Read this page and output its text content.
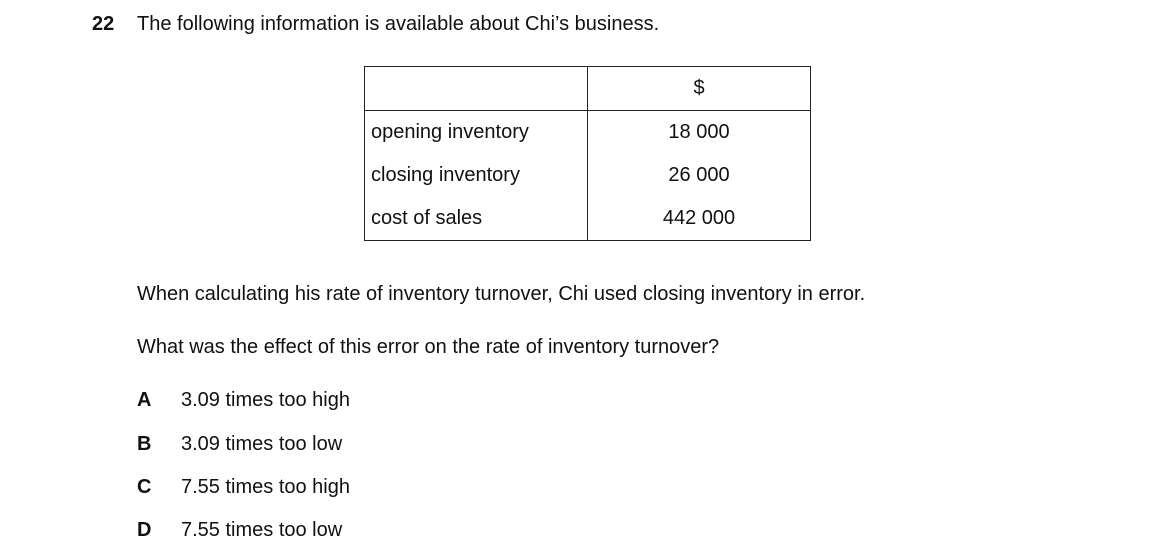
22 The following information is available about Chi’s business.
	$
opening inventory	18 000
closing inventory	26 000
cost of sales	442 000
When calculating his rate of inventory turnover, Chi used closing inventory in error.
What was the effect of this error on the rate of inventory turnover?
A 3.09 times too high
B 3.09 times too low
C 7.55 times too high
D 7.55 times too low
